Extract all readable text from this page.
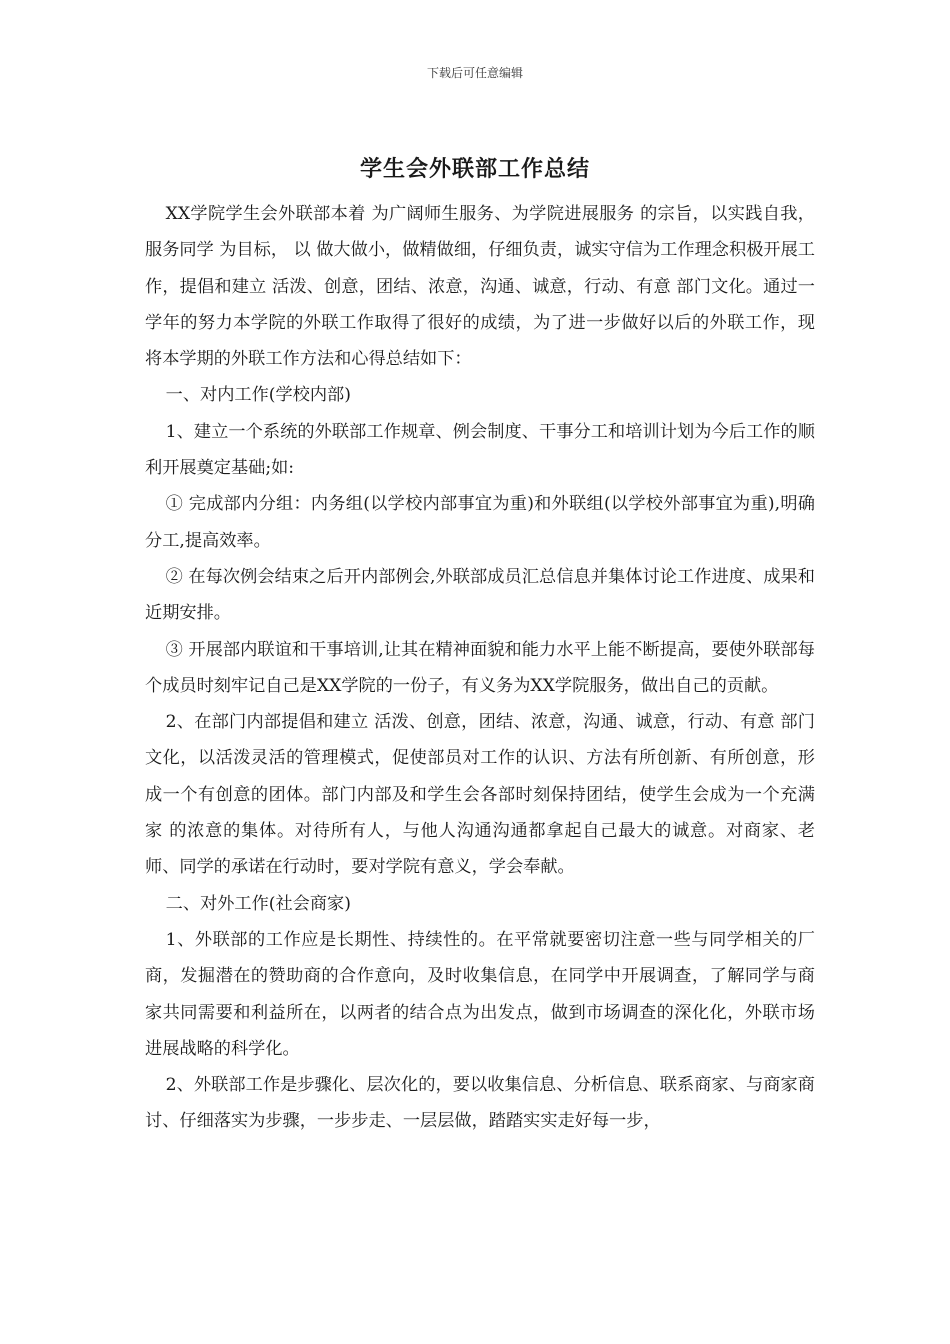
下载后可任意编辑
学生会外联部工作总结

XX学院学生会外联部本着 为广阔师生服务、为学院进展服务 的宗旨，以实践自我，服务同学 为目标， 以 做大做小，做精做细，仔细负责，诚实守信为工作理念积极开展工作，提倡和建立 活泼、创意，团结、浓意，沟通、诚意，行动、有意 部门文化。通过一学年的努力本学院的外联工作取得了很好的成绩，为了进一步做好以后的外联工作，现将本学期的外联工作方法和心得总结如下：

一、对内工作(学校内部)

1、建立一个系统的外联部工作规章、例会制度、干事分工和培训计划为今后工作的顺利开展奠定基础;如:

① 完成部内分组：内务组(以学校内部事宜为重)和外联组(以学校外部事宜为重),明确分工,提高效率。

② 在每次例会结束之后开内部例会,外联部成员汇总信息并集体讨论工作进度、成果和近期安排。

③ 开展部内联谊和干事培训,让其在精神面貌和能力水平上能不断提高，要使外联部每个成员时刻牢记自己是XX学院的一份子，有义务为XX学院服务，做出自己的贡献。

2、在部门内部提倡和建立 活泼、创意，团结、浓意，沟通、诚意，行动、有意 部门文化，以活泼灵活的管理模式，促使部员对工作的认识、方法有所创新、有所创意，形成一个有创意的团体。部门内部及和学生会各部时刻保持团结，使学生会成为一个充满 家 的浓意的集体。对待所有人，与他人沟通沟通都拿起自己最大的诚意。对商家、老师、同学的承诺在行动时，要对学院有意义，学会奉献。

二、对外工作(社会商家)

1、外联部的工作应是长期性、持续性的。在平常就要密切注意一些与同学相关的厂商，发掘潜在的赞助商的合作意向，及时收集信息，在同学中开展调查，了解同学与商家共同需要和利益所在，以两者的结合点为出发点，做到市场调查的深化化，外联市场进展战略的科学化。

2、外联部工作是步骤化、层次化的，要以收集信息、分析信息、联系商家、与商家商讨、仔细落实为步骤，一步步走、一层层做，踏踏实实走好每一步，
